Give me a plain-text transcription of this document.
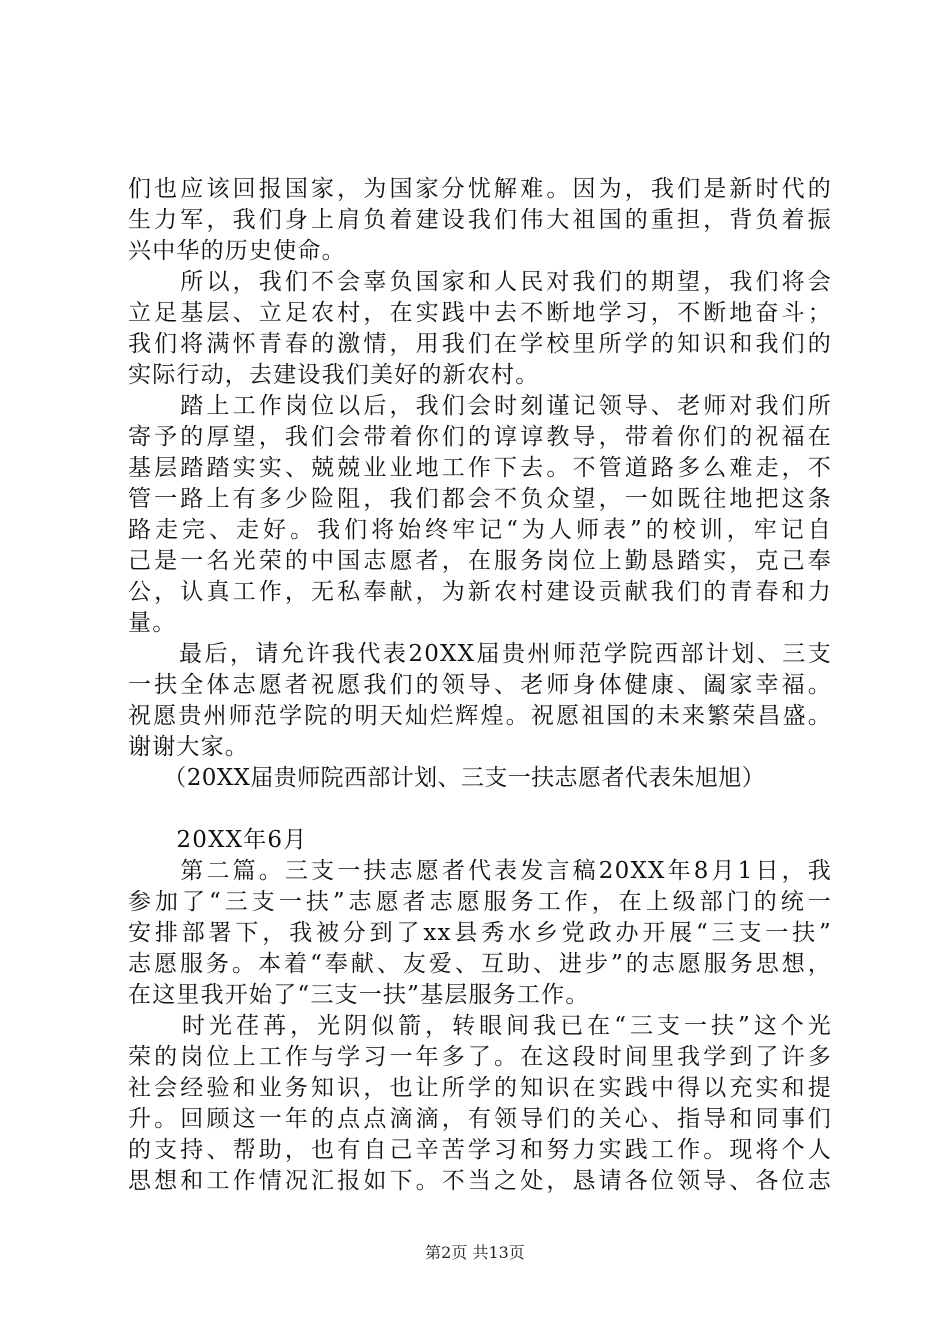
们也应该回报国家，为国家分忧解难。因为，我们是新时代的
生力军，我们身上肩负着建设我们伟大祖国的重担，背负着振
兴中华的历史使命。
　　所以，我们不会辜负国家和人民对我们的期望，我们将会
立足基层、立足农村，在实践中去不断地学习，不断地奋斗；
我们将满怀青春的激情，用我们在学校里所学的知识和我们的
实际行动，去建设我们美好的新农村。
　　踏上工作岗位以后，我们会时刻谨记领导、老师对我们所
寄予的厚望，我们会带着你们的谆谆教导，带着你们的祝福在
基层踏踏实实、兢兢业业地工作下去。不管道路多么难走，不
管一路上有多少险阻，我们都会不负众望，一如既往地把这条
路走完、走好。我们将始终牢记“为人师表”的校训，牢记自
己是一名光荣的中国志愿者，在服务岗位上勤恳踏实，克己奉
公，认真工作，无私奉献，为新农村建设贡献我们的青春和力
量。
　　最后，请允许我代表20XX届贵州师范学院西部计划、三支
一扶全体志愿者祝愿我们的领导、老师身体健康、阖家幸福。
祝愿贵州师范学院的明天灿烂辉煌。祝愿祖国的未来繁荣昌盛。
谢谢大家。
　　（20XX届贵师院西部计划、三支一扶志愿者代表朱旭旭）
　　20XX年6月
　　第二篇。三支一扶志愿者代表发言稿20XX年8月1日，我
参加了“三支一扶”志愿者志愿服务工作，在上级部门的统一
安排部署下，我被分到了xx县秀水乡党政办开展“三支一扶”
志愿服务。本着“奉献、友爱、互助、进步”的志愿服务思想，
在这里我开始了“三支一扶”基层服务工作。
　　时光荏苒，光阴似箭，转眼间我已在“三支一扶”这个光
荣的岗位上工作与学习一年多了。在这段时间里我学到了许多
社会经验和业务知识，也让所学的知识在实践中得以充实和提
升。回顾这一年的点点滴滴，有领导们的关心、指导和同事们
的支持、帮助，也有自己辛苦学习和努力实践工作。现将个人
思想和工作情况汇报如下。不当之处，恳请各位领导、各位志
第2页 共13页
